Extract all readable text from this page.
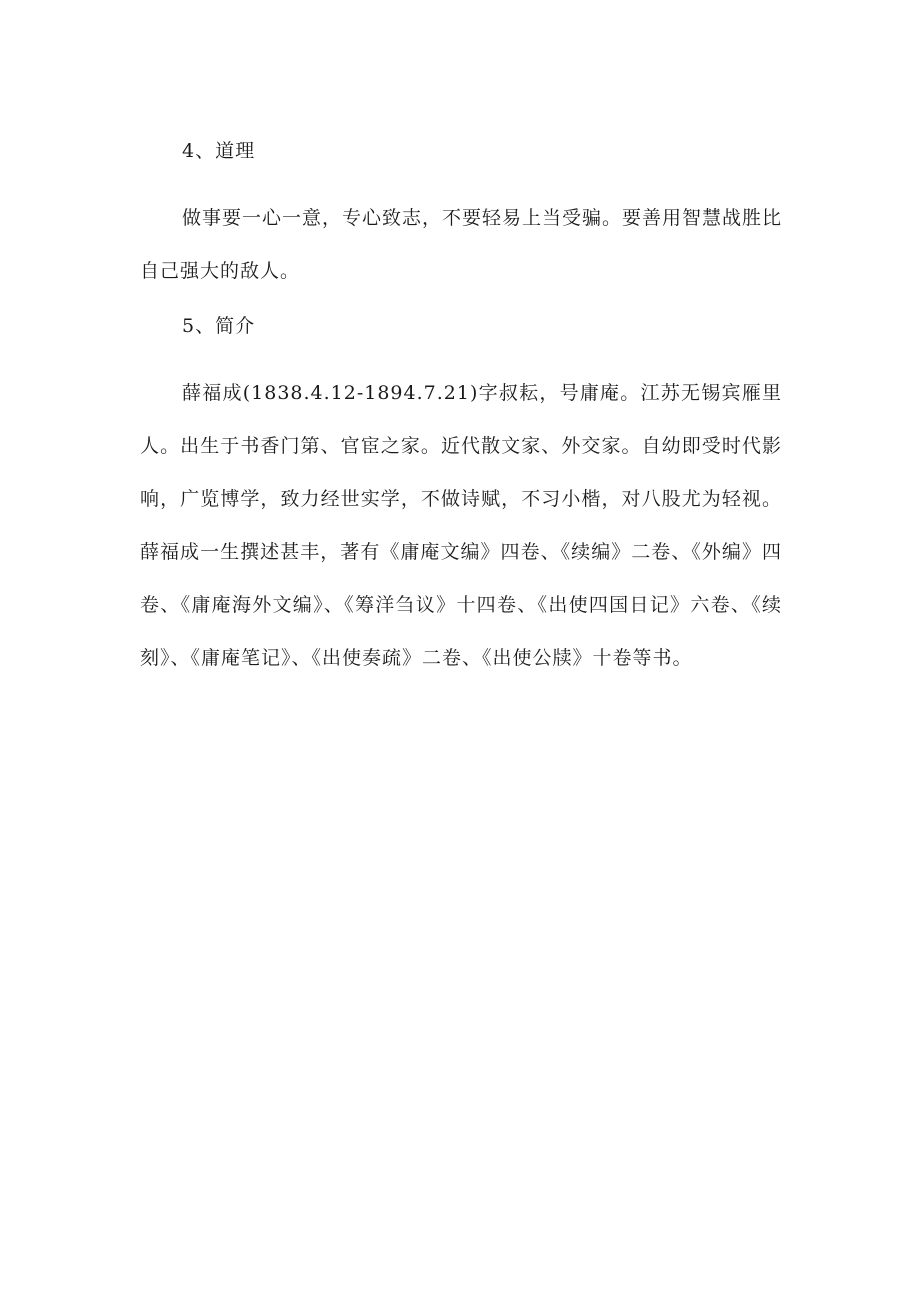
4、道理

做事要一心一意，专心致志，不要轻易上当受骗。要善用智慧战胜比自己强大的敌人。

5、简介

薛福成(1838.4.12-1894.7.21)字叔耘，号庸庵。江苏无锡宾雁里人。出生于书香门第、官宦之家。近代散文家、外交家。自幼即受时代影响，广览博学，致力经世实学，不做诗赋，不习小楷，对八股尤为轻视。薛福成一生撰述甚丰，著有《庸庵文编》四卷、《续编》二卷、《外编》四卷、《庸庵海外文编》、《筹洋刍议》十四卷、《出使四国日记》六卷、《续刻》、《庸庵笔记》、《出使奏疏》二卷、《出使公牍》十卷等书。
